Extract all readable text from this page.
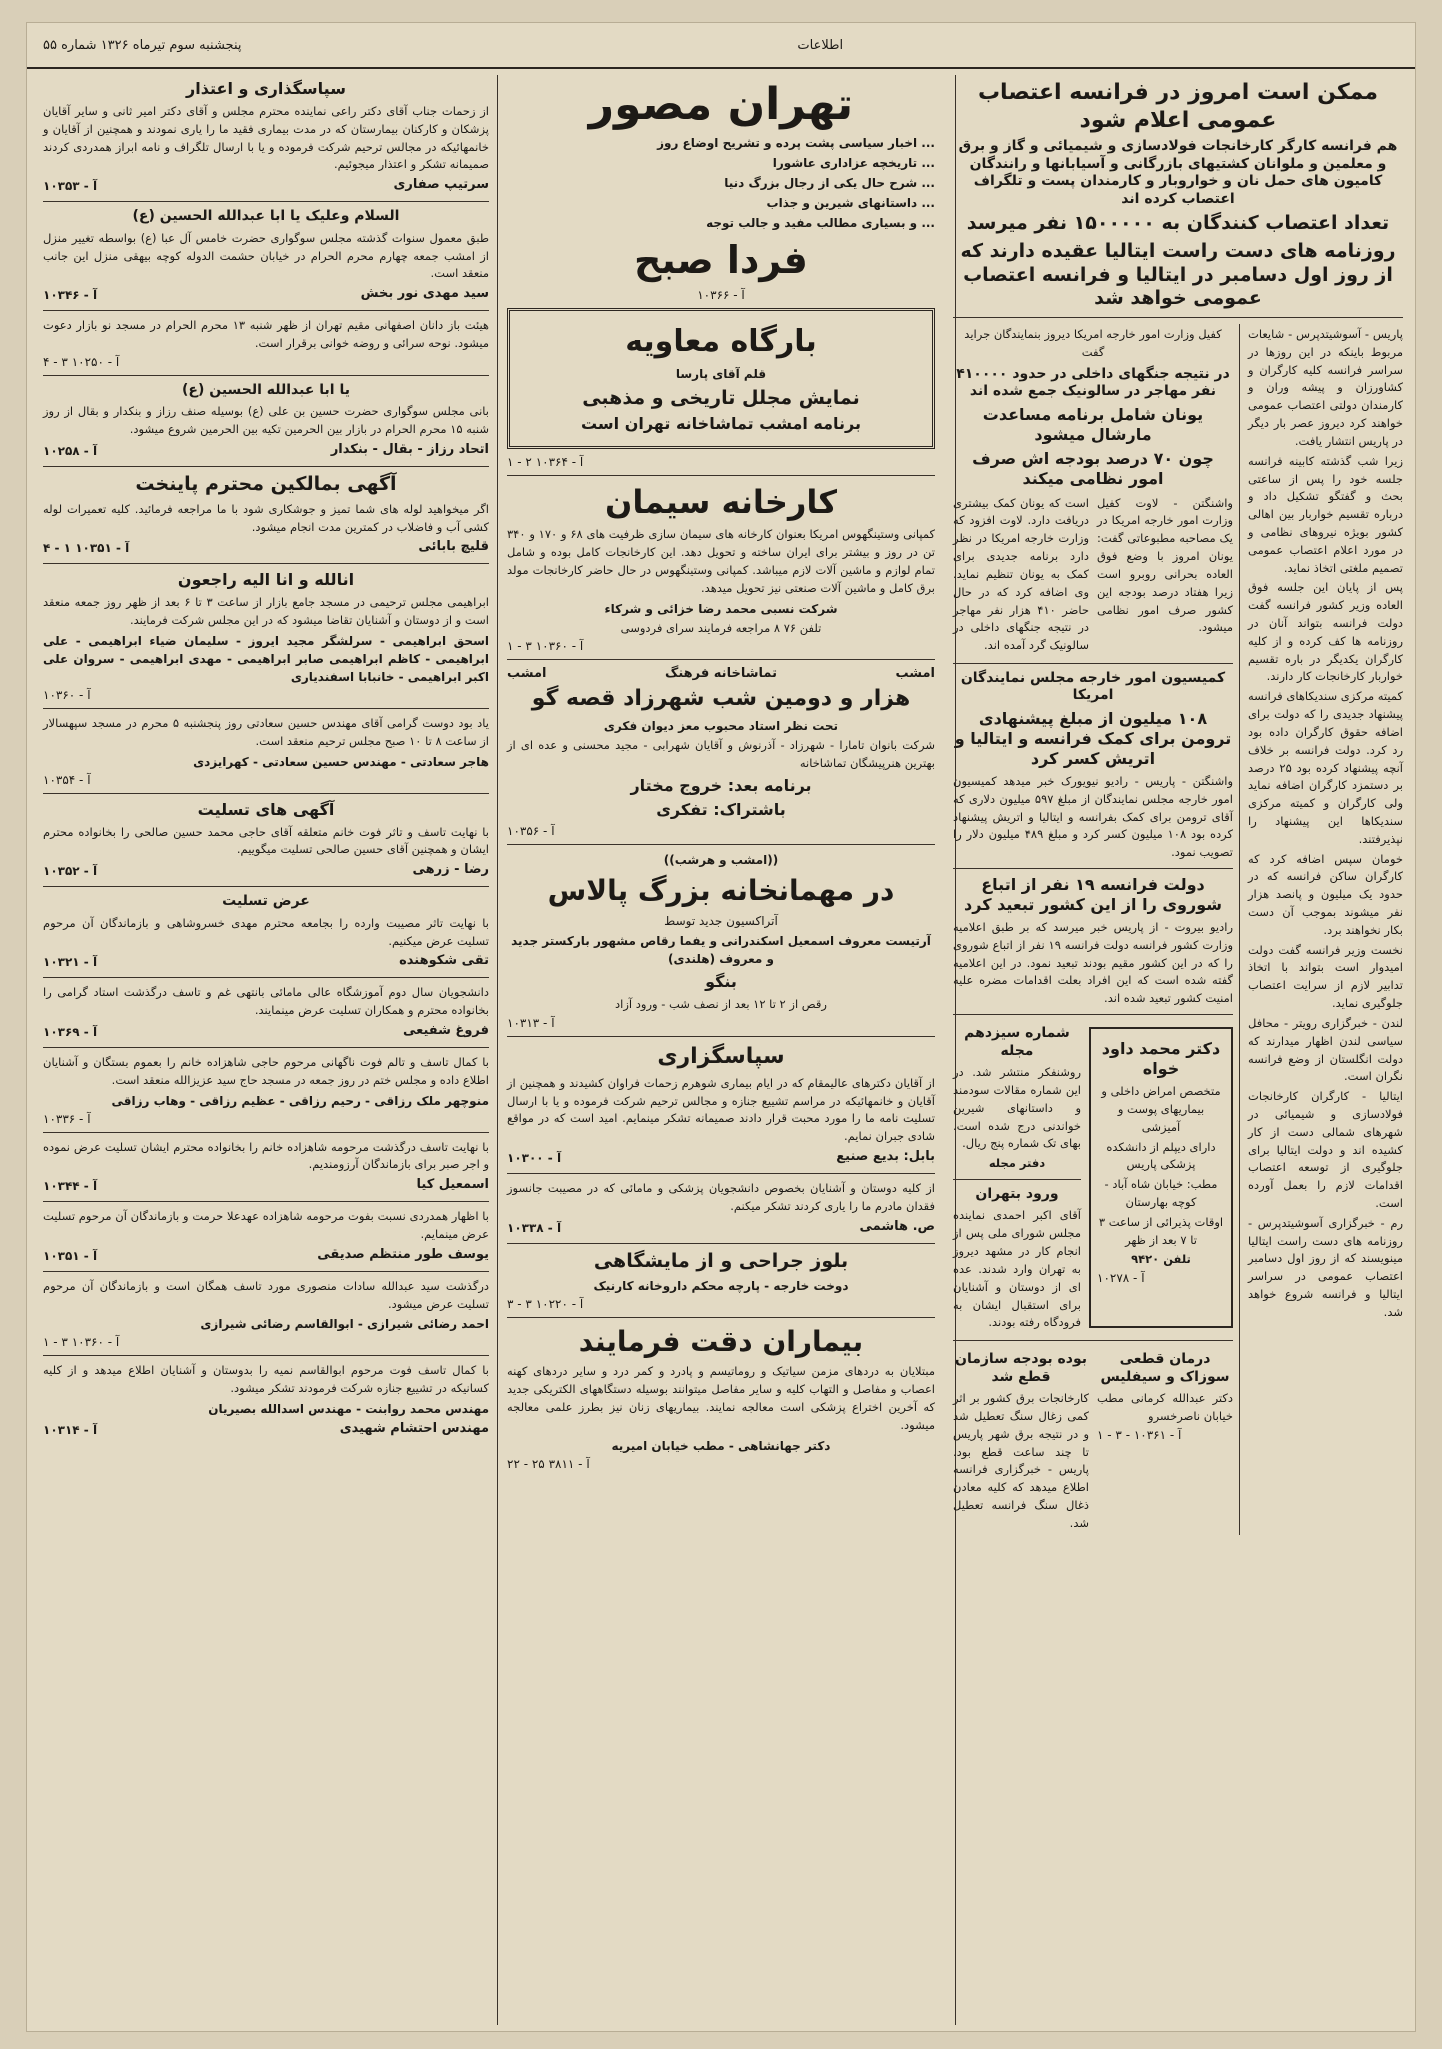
پنجشنبه سوم تیرماه ۱۳۲۶ شماره ۵۵	اطلاعات
ممکن است امروز در فرانسه اعتصاب عمومی اعلام شود
هم فرانسه کارگر کارخانجات فولادسازی و شیمیائی و گاز و برق و معلمین و ملوانان کشتیهای بازرگانی و آسیابانها و رانندگان کامیون های حمل نان و خواروبار و کارمندان پست و تلگراف اعتصاب کرده اند
تعداد اعتصاب کنندگان به ۱۵۰۰۰۰۰ نفر میرسد
روزنامه های دست راست ایتالیا عقیده دارند که از روز اول دسامبر در ایتالیا و فرانسه اعتصاب عمومی خواهد شد

پاریس - آسوشیتدپرس - شایعات مربوط باینکه در این روزها در سراسر فرانسه کلیه کارگران و کشاورزان و پیشه وران و کارمندان دولتی اعتصاب عمومی خواهند کرد دیروز عصر بار دیگر در پاریس انتشار یافت.

زیرا شب گذشته کابینه فرانسه جلسه خود را پس از ساعتی بحث و گفتگو تشکیل داد و درباره تقسیم خواربار بین اهالی کشور بویژه نیروهای نظامی و در مورد اعلام اعتصاب عمومی تصمیم ملغتی اتخاذ نماید.

پس از پایان این جلسه فوق العاده وزیر کشور فرانسه گفت دولت فرانسه بتواند آنان در روزنامه ها کف کرده و از کلیه کارگران یکدیگر در باره تقسیم خواربار کارخانجات کار دارند.

کمیته مرکزی سندیکاهای فرانسه پیشنهاد جدیدی را که دولت برای اضافه حقوق کارگران داده بود رد کرد. دولت فرانسه بر خلاف آنچه پیشنهاد کرده بود ۲۵ درصد بر دستمزد کارگران اضافه نماید ولی کارگران و کمیته مرکزی سندیکاها این پیشنهاد را نپذیرفتند.

خومان سپس اضافه کرد که کارگران ساکن فرانسه که در حدود یک میلیون و پانصد هزار نفر میشوند بموجب آن دست بکار نخواهند برد.

نخست وزیر فرانسه گفت دولت امیدوار است بتواند با اتخاذ تدابیر لازم از سرایت اعتصاب جلوگیری نماید.

لندن - خبرگزاری رویتر - محافل سیاسی لندن اظهار میدارند که دولت انگلستان از وضع فرانسه نگران است.

ایتالیا - کارگران کارخانجات فولادسازی و شیمیائی در شهرهای شمالی دست از کار کشیده اند و دولت ایتالیا برای جلوگیری از توسعه اعتصاب اقدامات لازم را بعمل آورده است.

رم - خبرگزاری آسوشیتدپرس - روزنامه های دست راست ایتالیا مینویسند که از روز اول دسامبر اعتصاب عمومی در سراسر ایتالیا و فرانسه شروع خواهد شد.

کفیل وزارت امور خارجه امریکا دیروز بنمایندگان جراید گفت

در نتیجه جنگهای داخلی در حدود ۴۱۰۰۰۰ نفر مهاجر در سالونیک جمع شده اند
یونان شامل برنامه مساعدت مارشال میشود
چون ۷۰ درصد بودجه اش صرف امور نظامی میکند

واشنگتن - لاوت کفیل وزارت امور خارجه امریکا در یک مصاحبه مطبوعاتی گفت: یونان امروز با وضع فوق العاده بحرانی روبرو است زیرا هفتاد درصد بودجه این کشور صرف امور نظامی میشود.

است که یونان کمک بیشتری دریافت دارد. لاوت افزود که وزارت خارجه امریکا در نظر دارد برنامه جدیدی برای کمک به یونان تنظیم نماید. وی اضافه کرد که در حال حاضر ۴۱۰ هزار نفر مهاجر در نتیجه جنگهای داخلی در سالونیک گرد آمده اند.

کمیسیون امور خارجه مجلس نمایندگان امریکا
۱۰۸ میلیون از مبلغ پیشنهادی ترومن برای کمک فرانسه و ایتالیا و اتریش کسر کرد

واشنگتن - پاریس - رادیو نیویورک خبر میدهد کمیسیون امور خارجه مجلس نمایندگان از مبلغ ۵۹۷ میلیون دلاری که آقای ترومن برای کمک بفرانسه و ایتالیا و اتریش پیشنهاد کرده بود ۱۰۸ میلیون کسر کرد و مبلغ ۴۸۹ میلیون دلار را تصویب نمود.

دولت فرانسه ۱۹ نفر از اتباع شوروی را از این کشور تبعید کرد

رادیو بیروت - از پاریس خبر میرسد که بر طبق اعلامیه وزارت کشور فرانسه دولت فرانسه ۱۹ نفر از اتباع شوروی را که در این کشور مقیم بودند تبعید نمود. در این اعلامیه گفته شده است که این افراد بعلت اقدامات مضره علیه امنیت کشور تبعید شده اند.

دکتر محمد داود خواه

متخصص امراض داخلی و بیماریهای پوست و آمیزشی

دارای دیپلم از دانشکده پزشکی پاریس

مطب: خیابان شاه آباد - کوچه بهارستان

اوقات پذیرائی از ساعت ۳ تا ۷ بعد از ظهر

تلفن ۹۴۲۰

آ - ۱۰۲۷۸

شماره سیزدهم مجله

روشنفکر منتشر شد. در این شماره مقالات سودمند و داستانهای شیرین خواندنی درج شده است. بهای تک شماره پنج ریال.

دفتر مجله

ورود بتهران

آقای اکبر احمدی نماینده مجلس شورای ملی پس از انجام کار در مشهد دیروز به تهران وارد شدند. عده ای از دوستان و آشنایان برای استقبال ایشان به فرودگاه رفته بودند.

درمان قطعی سوزاک و سیفلیس

دکتر عبدالله کرمانی مطب خیابان ناصرخسرو

آ - ۱۰۳۶۱ - ۳ - ۱

بوده بودجه سازمان قطع شد

کارخانجات برق کشور بر اثر کمی زغال سنگ تعطیل شد و در نتیجه برق شهر پاریس تا چند ساعت قطع بود. پاریس - خبرگزاری فرانسه اطلاع میدهد که کلیه معادن ذغال سنگ فرانسه تعطیل شد.

تهران مصور

... اخبار سیاسی پشت پرده و تشریح اوضاع روز

... تاریخچه عزاداری عاشورا

... شرح حال یکی از رجال بزرگ دنیا

... داستانهای شیرین و جذاب

... و بسیاری مطالب مفید و جالب توجه

فردا صبح

آ - ۱۰۳۶۶

بارگاه معاویه

قلم آقای پارسا

نمایش مجلل تاریخی و مذهبی
برنامه امشب تماشاخانه تهران است

آ - ۱۰۳۶۴ ۲ - ۱

کارخانه سیمان

کمپانی وستینگهوس امریکا بعنوان کارخانه های سیمان سازی ظرفیت های ۶۸ و ۱۷۰ و ۳۴۰ تن در روز و بیشتر برای ایران ساخته و تحویل دهد. این کارخانجات کامل بوده و شامل تمام لوازم و ماشین آلات لازم میباشد. کمپانی وستینگهوس در حال حاضر کارخانجات مولد برق کامل و ماشین آلات صنعتی نیز تحویل میدهد.

شرکت نسبی محمد رضا خزائی و شرکاء

تلفن ۷۶ ۸ مراجعه فرمایند سرای فردوسی

آ - ۱۰۳۶۰ ۳ - ۱

امشب
تماشاخانه فرهنگ
امشب
هزار و دومین شب شهرزاد قصه گو

تحت نظر استاد محبوب معز دیوان فکری

شرکت بانوان تامارا - شهرزاد - آذرنوش و آقایان شهرابی - مجید محسنی و عده ای از بهترین هنرپیشگان تماشاخانه

برنامه بعد: خروج مختار
باشتراک: تفکری

آ - ۱۰۳۵۶

((امشب و هرشب))

در مهمانخانه بزرگ پالاس

آتراکسیون جدید توسط

آرتیست معروف اسمعیل اسکندرانی و یفما رقاص مشهور بارکستر جدید و معروف (هلندی)

بنگو

رقص از ۲ تا ۱۲ بعد از نصف شب - ورود آزاد

آ - ۱۰۳۱۳

سپاسگزاری

از آقایان دکترهای عالیمقام که در ایام بیماری شوهرم زحمات فراوان کشیدند و همچنین از آقایان و خانمهائیکه در مراسم تشییع جنازه و مجالس ترحیم شرکت فرموده و یا با ارسال تسلیت نامه ما را مورد محبت قرار دادند صمیمانه تشکر مینمایم. امید است که در مواقع شادی جبران نمایم.

بابل: بدیع صنیع
آ - ۱۰۳۰۰

از کلیه دوستان و آشنایان بخصوص دانشجویان پزشکی و مامائی که در مصیبت جانسوز فقدان مادرم ما را یاری کردند تشکر میکنم.

ص. هاشمی
آ - ۱۰۳۳۸
بلوز جراحی و از مایشگاهی

دوخت خارجه - پارچه محکم داروخانه کارنیک

آ - ۱۰۲۲۰ ۳ - ۳

بیماران دقت فرمایند

مبتلایان به دردهای مزمن سیاتیک و روماتیسم و پادرد و کمر درد و سایر دردهای کهنه اعصاب و مفاصل و التهاب کلیه و سایر مفاصل میتوانند بوسیله دستگاههای الکتریکی جدید که آخرین اختراع پزشکی است معالجه نمایند. بیماریهای زنان نیز بطرز علمی معالجه میشود.

دکتر جهانشاهی - مطب خیابان امیریه

آ - ۳۸۱۱ ۲۵ - ۲۲

سپاسگذاری و اعتذار

از زحمات جناب آقای دکتر راعی نماینده محترم مجلس و آقای دکتر امیر ثانی و سایر آقایان پزشکان و کارکنان بیمارستان که در مدت بیماری فقید ما را یاری نمودند و همچنین از آقایان و خانمهائیکه در مجالس ترحیم شرکت فرموده و یا با ارسال تلگراف و نامه ابراز همدردی کردند صمیمانه تشکر و اعتذار میجوئیم.

سرتیپ صفاری
آ - ۱۰۳۵۳
السلام وعلیک یا ابا عبدالله الحسین (ع)

طبق معمول سنوات گذشته مجلس سوگواری حضرت خامس آل عبا (ع) بواسطه تغییر منزل از امشب جمعه چهارم محرم الحرام در خیابان حشمت الدوله کوچه بیهقی منزل این جانب منعقد است.

سید مهدی نور بخش
آ - ۱۰۳۴۶

هیئت باز دانان اصفهانی مقیم تهران از ظهر شنبه ۱۳ محرم الحرام در مسجد نو بازار دعوت میشود. نوحه سرائی و روضه خوانی برقرار است.

آ - ۱۰۲۵۰ ۳ - ۴

یا ابا عبدالله الحسین (ع)

بانی مجلس سوگواری حضرت حسین بن علی (ع) بوسیله صنف رزاز و بنکدار و بقال از روز شنبه ۱۵ محرم الحرام در بازار بین الحرمین تکیه بین الحرمین شروع میشود.

اتحاد رزاز - بقال - بنکدار
آ - ۱۰۲۵۸
آگهی بمالکین محترم پاینخت

اگر میخواهید لوله های شما تمیز و جوشکاری شود با ما مراجعه فرمائید. کلیه تعمیرات لوله کشی آب و فاضلاب در کمترین مدت انجام میشود.

قلیچ بابائی
آ - ۱۰۳۵۱ ۱ - ۴
انالله و انا الیه راجعون

ابراهیمی مجلس ترحیمی در مسجد جامع بازار از ساعت ۳ تا ۶ بعد از ظهر روز جمعه منعقد است و از دوستان و آشنایان تقاضا میشود که در این مجلس شرکت فرمایند.

اسحق ابراهیمی - سرلشگر مجید ایروز - سلیمان ضیاء ابراهیمی - علی ابراهیمی - کاظم ابراهیمی صابر ابراهیمی - مهدی ابراهیمی - سروان علی اکبر ابراهیمی - خانبابا اسفندیاری

آ - ۱۰۳۶۰

یاد بود دوست گرامی آقای مهندس حسین سعادتی روز پنجشنبه ۵ محرم در مسجد سپهسالار از ساعت ۸ تا ۱۰ صبح مجلس ترحیم منعقد است.

هاجر سعادتی - مهندس حسین سعادتی - کهرایزدی

آ - ۱۰۳۵۴

آگهی های تسلیت

با نهایت تاسف و تاثر فوت خانم متعلقه آقای حاجی محمد حسین صالحی را بخانواده محترم ایشان و همچنین آقای حسین صالحی تسلیت میگوییم.

رضا - زرهی
آ - ۱۰۳۵۲
عرض تسلیت

با نهایت تاثر مصیبت وارده را بجامعه محترم مهدی خسروشاهی و بازماندگان آن مرحوم تسلیت عرض میکنیم.

تقی شکوهنده
آ - ۱۰۳۲۱

دانشجویان سال دوم آموزشگاه عالی مامائی بانتهی غم و تاسف درگذشت استاد گرامی را بخانواده محترم و همکاران تسلیت عرض مینمایند.

فروغ شفیعی
آ - ۱۰۳۶۹

با کمال تاسف و تالم فوت ناگهانی مرحوم حاجی شاهزاده خانم را بعموم بستگان و آشنایان اطلاع داده و مجلس ختم در روز جمعه در مسجد حاج سید عزیزالله منعقد است.

منوچهر ملک رزاقی - رحیم رزاقی - عظیم رزاقی - وهاب رزاقی

آ - ۱۰۳۳۶

با نهایت تاسف درگذشت مرحومه شاهزاده خانم را بخانواده محترم ایشان تسلیت عرض نموده و اجر صبر برای بازماندگان آرزومندیم.

اسمعیل کیا
آ - ۱۰۳۴۴

با اظهار همدردی نسبت بفوت مرحومه شاهزاده عهدعلا حرمت و بازماندگان آن مرحوم تسلیت عرض مینمایم.

یوسف طور منتظم صدیقی
آ - ۱۰۳۵۱

درگذشت سید عبدالله سادات منصوری مورد تاسف همگان است و بازماندگان آن مرحوم تسلیت عرض میشود.

احمد رضائی شیرازی - ابوالقاسم رضائی شیرازی

آ - ۱۰۳۶۰ ۳ - ۱

با کمال تاسف فوت مرحوم ابوالقاسم نمیه را بدوستان و آشنایان اطلاع میدهد و از کلیه کسانیکه در تشییع جنازه شرکت فرمودند تشکر میشود.

مهندس محمد روابنت - مهندس اسدالله بصیریان

مهندس احتشام شهیدی
آ - ۱۰۳۱۴
